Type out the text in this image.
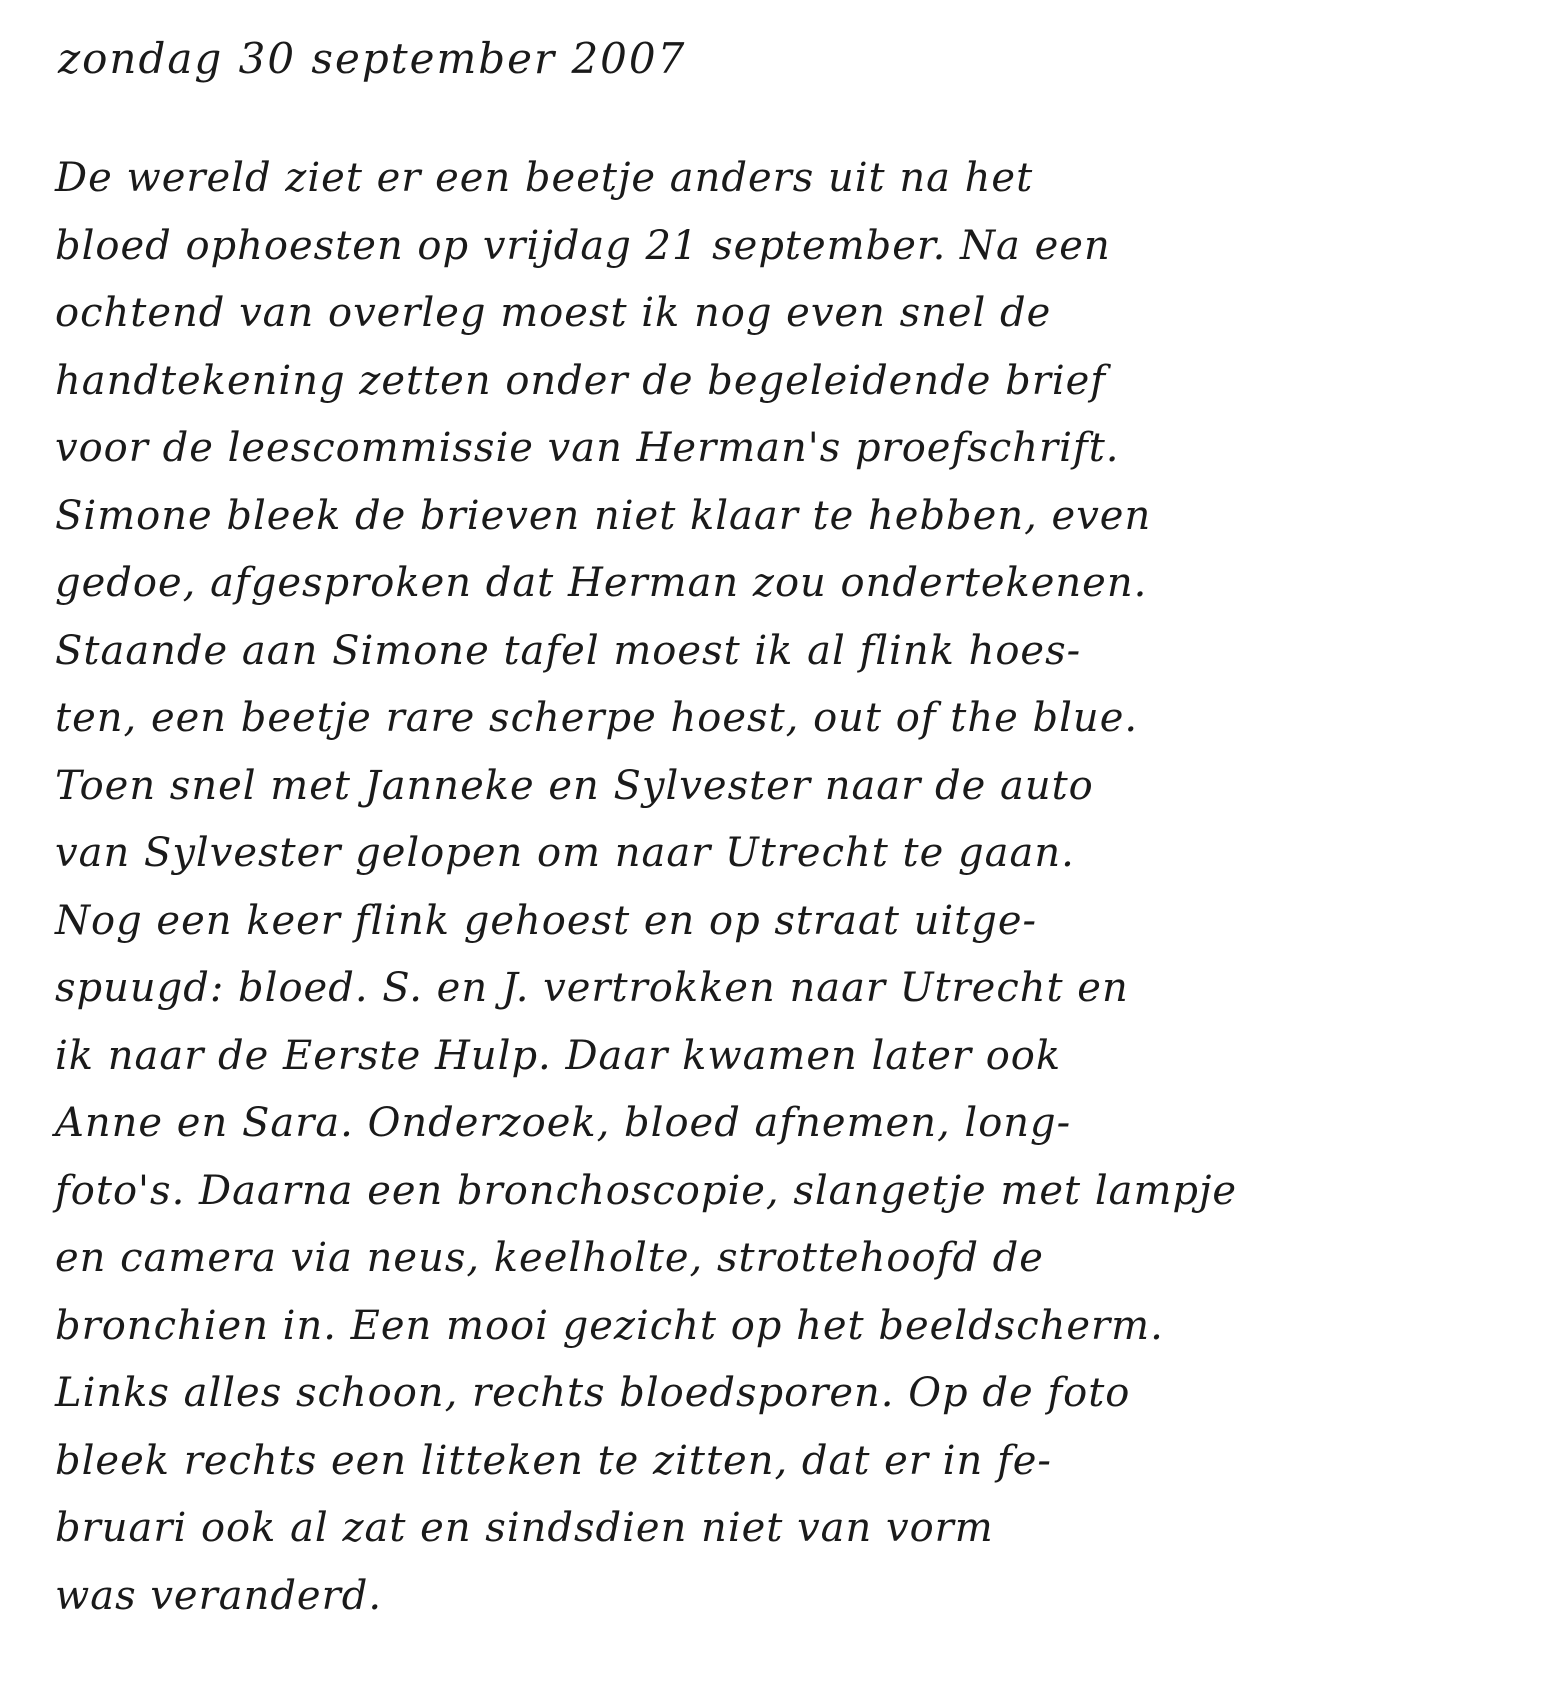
zondag 30 september 2007
De wereld ziet er een beetje anders uit na het
bloed ophoesten op vrijdag 21 september. Na een
ochtend van overleg moest ik nog even snel de
handtekening zetten onder de begeleidende brief
voor de leescommissie van Herman's proefschrift.
Simone bleek de brieven niet klaar te hebben, even
gedoe, afgesproken dat Herman zou ondertekenen.
Staande aan Simone tafel moest ik al flink hoes-
ten, een beetje rare scherpe hoest, out of the blue.
Toen snel met Janneke en Sylvester naar de auto
van Sylvester gelopen om naar Utrecht te gaan.
Nog een keer flink gehoest en op straat uitge-
spuugd: bloed. S. en J. vertrokken naar Utrecht en
ik naar de Eerste Hulp. Daar kwamen later ook
Anne en Sara. Onderzoek, bloed afnemen, long-
foto's. Daarna een bronchoscopie, slangetje met lampje
en camera via neus, keelholte, strottehoofd de
bronchien in. Een mooi gezicht op het beeldscherm.
Links alles schoon, rechts bloedsporen. Op de foto
bleek rechts een litteken te zitten, dat er in fe-
bruari ook al zat en sindsdien niet van vorm
was veranderd.
